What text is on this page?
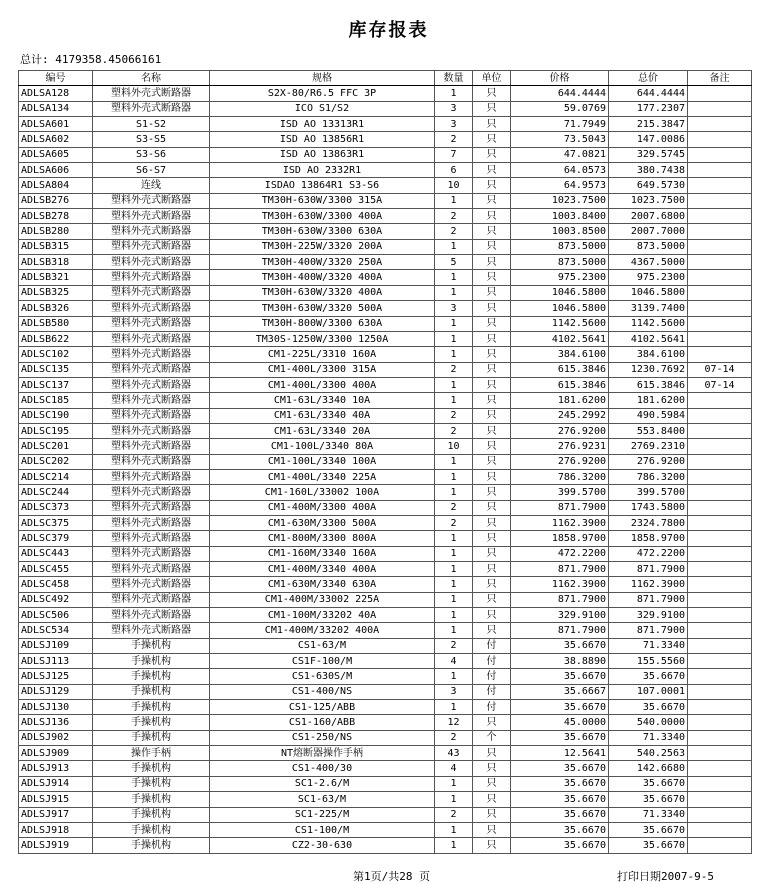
库存报表
总计: 4179358.45066161
编号	名称	规格	数量	单位	价格	总价	备注
ADLSA128	塑料外壳式断路器	S2X-80/R6.5 FFC 3P	1	只	644.4444	644.4444	
ADLSA134	塑料外壳式断路器	ICO S1/S2	3	只	59.0769	177.2307	
ADLSA601	S1-S2	ISD AO 13313R1	3	只	71.7949	215.3847	
ADLSA602	S3-S5	ISD AO 13856R1	2	只	73.5043	147.0086	
ADLSA605	S3-S6	ISD AO 13863R1	7	只	47.0821	329.5745	
ADLSA606	S6-S7	ISD AO 2332R1	6	只	64.0573	380.7438	
ADLSA804	连线	ISDAO 13864R1 S3-S6	10	只	64.9573	649.5730	
ADLSB276	塑料外壳式断路器	TM30H-630W/3300 315A	1	只	1023.7500	1023.7500	
ADLSB278	塑料外壳式断路器	TM30H-630W/3300 400A	2	只	1003.8400	2007.6800	
ADLSB280	塑料外壳式断路器	TM30H-630W/3300 630A	2	只	1003.8500	2007.7000	
ADLSB315	塑料外壳式断路器	TM30H-225W/3320 200A	1	只	873.5000	873.5000	
ADLSB318	塑料外壳式断路器	TM30H-400W/3320 250A	5	只	873.5000	4367.5000	
ADLSB321	塑料外壳式断路器	TM30H-400W/3320 400A	1	只	975.2300	975.2300	
ADLSB325	塑料外壳式断路器	TM30H-630W/3320 400A	1	只	1046.5800	1046.5800	
ADLSB326	塑料外壳式断路器	TM30H-630W/3320 500A	3	只	1046.5800	3139.7400	
ADLSB580	塑料外壳式断路器	TM30H-800W/3300 630A	1	只	1142.5600	1142.5600	
ADLSB622	塑料外壳式断路器	TM30S-1250W/3300 1250A	1	只	4102.5641	4102.5641	
ADLSC102	塑料外壳式断路器	CM1-225L/3310 160A	1	只	384.6100	384.6100	
ADLSC135	塑料外壳式断路器	CM1-400L/3300 315A	2	只	615.3846	1230.7692	07-14
ADLSC137	塑料外壳式断路器	CM1-400L/3300 400A	1	只	615.3846	615.3846	07-14
ADLSC185	塑料外壳式断路器	CM1-63L/3340 10A	1	只	181.6200	181.6200	
ADLSC190	塑料外壳式断路器	CM1-63L/3340 40A	2	只	245.2992	490.5984	
ADLSC195	塑料外壳式断路器	CM1-63L/3340 20A	2	只	276.9200	553.8400	
ADLSC201	塑料外壳式断路器	CM1-100L/3340 80A	10	只	276.9231	2769.2310	
ADLSC202	塑料外壳式断路器	CM1-100L/3340 100A	1	只	276.9200	276.9200	
ADLSC214	塑料外壳式断路器	CM1-400L/3340 225A	1	只	786.3200	786.3200	
ADLSC244	塑料外壳式断路器	CM1-160L/33002 100A	1	只	399.5700	399.5700	
ADLSC373	塑料外壳式断路器	CM1-400M/3300 400A	2	只	871.7900	1743.5800	
ADLSC375	塑料外壳式断路器	CM1-630M/3300 500A	2	只	1162.3900	2324.7800	
ADLSC379	塑料外壳式断路器	CM1-800M/3300 800A	1	只	1858.9700	1858.9700	
ADLSC443	塑料外壳式断路器	CM1-160M/3340 160A	1	只	472.2200	472.2200	
ADLSC455	塑料外壳式断路器	CM1-400M/3340 400A	1	只	871.7900	871.7900	
ADLSC458	塑料外壳式断路器	CM1-630M/3340 630A	1	只	1162.3900	1162.3900	
ADLSC492	塑料外壳式断路器	CM1-400M/33002 225A	1	只	871.7900	871.7900	
ADLSC506	塑料外壳式断路器	CM1-100M/33202 40A	1	只	329.9100	329.9100	
ADLSC534	塑料外壳式断路器	CM1-400M/33202 400A	1	只	871.7900	871.7900	
ADLSJ109	手操机构	CS1-63/M	2	付	35.6670	71.3340	
ADLSJ113	手操机构	CS1F-100/M	4	付	38.8890	155.5560	
ADLSJ125	手操机构	CS1-630S/M	1	付	35.6670	35.6670	
ADLSJ129	手操机构	CS1-400/NS	3	付	35.6667	107.0001	
ADLSJ130	手操机构	CS1-125/ABB	1	付	35.6670	35.6670	
ADLSJ136	手操机构	CS1-160/ABB	12	只	45.0000	540.0000	
ADLSJ902	手操机构	CS1-250/NS	2	个	35.6670	71.3340	
ADLSJ909	操作手柄	NT熔断器操作手柄	43	只	12.5641	540.2563	
ADLSJ913	手操机构	CS1-400/30	4	只	35.6670	142.6680	
ADLSJ914	手操机构	SC1-2.6/M	1	只	35.6670	35.6670	
ADLSJ915	手操机构	SC1-63/M	1	只	35.6670	35.6670	
ADLSJ917	手操机构	SC1-225/M	2	只	35.6670	71.3340	
ADLSJ918	手操机构	CS1-100/M	1	只	35.6670	35.6670	
ADLSJ919	手操机构	CZ2-30-630	1	只	35.6670	35.6670	
第1页/共28 页	打印日期2007-9-5
